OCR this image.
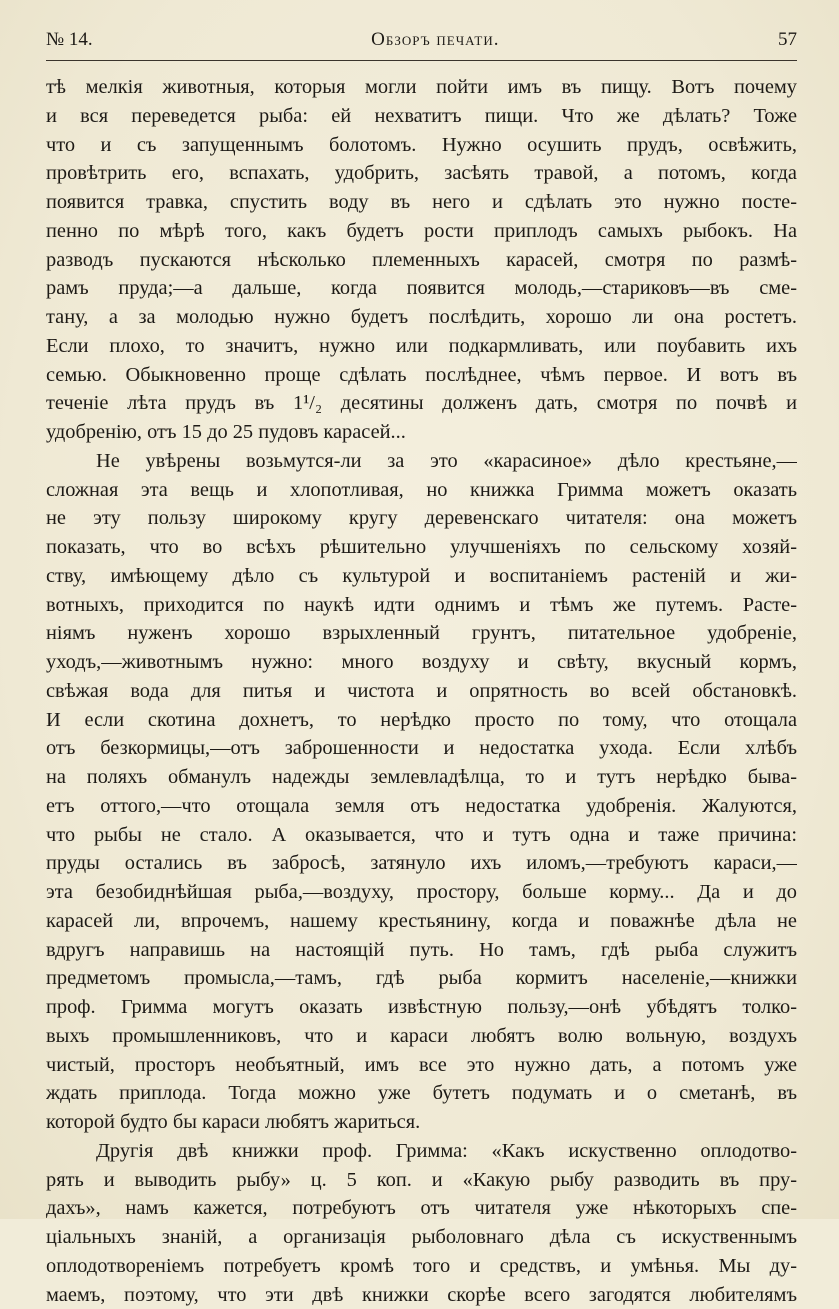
№ 14.	Обзоръ печати.	57
тѣ мелкія животныя, которыя могли пойти имъ въ пищу. Вотъ почему
и вся переведется рыба: ей нехватитъ пищи. Что же дѣлать? Тоже
что и съ запущеннымъ болотомъ. Нужно осушить прудъ, освѣжить,
провѣтрить его, вспахать, удобрить, засѣять травой, а потомъ, когда
появится травка, спустить воду въ него и сдѣлать это нужно посте-
пенно по мѣрѣ того, какъ будетъ рости приплодъ самыхъ рыбокъ. На
разводъ пускаются нѣсколько племенныхъ карасей, смотря по размѣ-
рамъ пруда;—а дальше, когда появится молодь,—стариковъ—въ сме-
тану, а за молодью нужно будетъ послѣдить, хорошо ли она ростетъ.
Если плохо, то значитъ, нужно или подкармливать, или поубавить ихъ
семью. Обыкновенно проще сдѣлать послѣднее, чѣмъ первое. И вотъ въ
теченіе лѣта прудъ въ 1¹/₂ десятины долженъ дать, смотря по почвѣ и
удобренію, отъ 15 до 25 пудовъ карасей...
Не увѣрены возьмутся-ли за это «карасиное» дѣло крестьяне,—
сложная эта вещь и хлопотливая, но книжка Гримма можетъ оказать
не эту пользу широкому кругу деревенскаго читателя: она можетъ
показать, что во всѣхъ рѣшительно улучшеніяхъ по сельскому хозяй-
ству, имѣющему дѣло съ культурой и воспитаніемъ растеній и жи-
вотныхъ, приходится по наукѣ идти однимъ и тѣмъ же путемъ. Расте-
ніямъ нуженъ хорошо взрыхленный грунтъ, питательное удобреніе,
уходъ,—животнымъ нужно: много воздуху и свѣту, вкусный кормъ,
свѣжая вода для питья и чистота и опрятность во всей обстановкѣ.
И если скотина дохнетъ, то нерѣдко просто по тому, что отощала
отъ безкормицы,—отъ заброшенности и недостатка ухода. Если хлѣбъ
на поляхъ обманулъ надежды землевладѣлца, то и тутъ нерѣдко быва-
етъ оттого,—что отощала земля отъ недостатка удобренія. Жалуются,
что рыбы не стало. А оказывается, что и тутъ одна и таже причина:
пруды остались въ забросѣ, затянуло ихъ иломъ,—требуютъ караси,—
эта безобиднѣйшая рыба,—воздуху, простору, больше корму... Да и до
карасей ли, впрочемъ, нашему крестьянину, когда и поважнѣе дѣла не
вдругъ направишь на настоящій путь. Но тамъ, гдѣ рыба служитъ
предметомъ промысла,—тамъ, гдѣ рыба кормитъ населеніе,—книжки
проф. Гримма могутъ оказать извѣстную пользу,—онѣ убѣдятъ толко-
выхъ промышленниковъ, что и караси любятъ волю вольную, воздухъ
чистый, просторъ необъятный, имъ все это нужно дать, а потомъ уже
ждать приплода. Тогда можно уже бутетъ подумать и о сметанѣ, въ
которой будто бы караси любятъ жариться.
Другія двѣ книжки проф. Гримма: «Какъ искуственно оплодотво-
рять и выводить рыбу» ц. 5 коп. и «Какую рыбу разводить въ пру-
дахъ», намъ кажется, потребуютъ отъ читателя уже нѣкоторыхъ спе-
ціальныхъ знаній, а организація рыболовнаго дѣла съ искуственнымъ
оплодотвореніемъ потребуетъ кромѣ того и средствъ, и умѣнья. Мы ду-
маемъ, поэтому, что эти двѣ книжки скорѣе всего загодятся любителямъ
